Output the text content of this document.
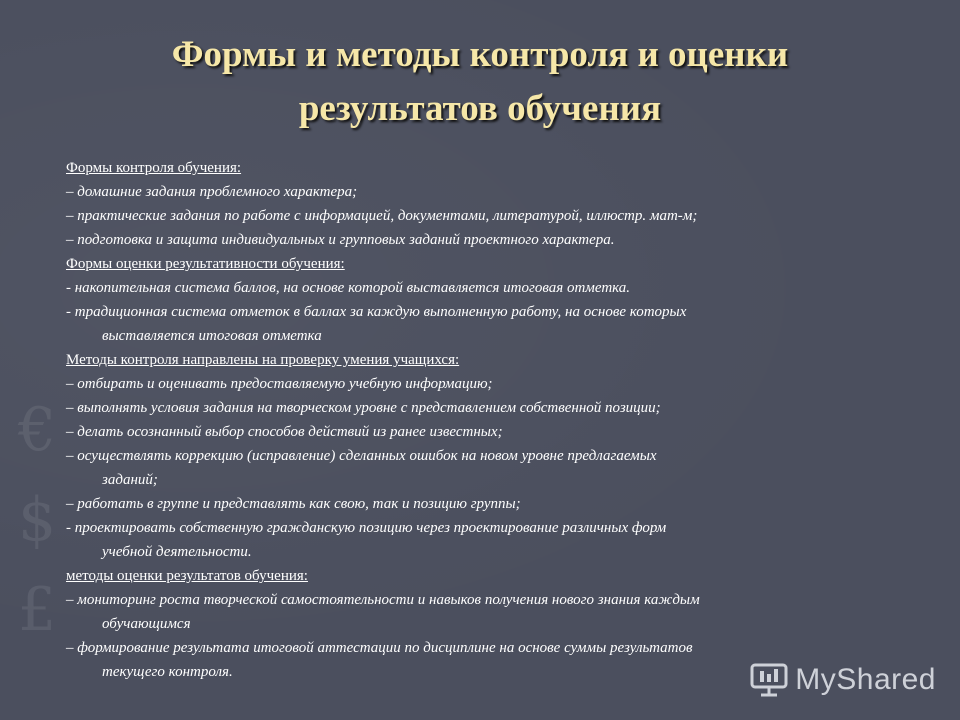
€
$
£
Формы и методы контроля и оценки
результатов обучения

Формы контроля обучения:

– домашние задания проблемного характера;

– практические задания по работе с информацией, документами, литературой, иллюстр. мат-м;

– подготовка и защита индивидуальных и групповых заданий проектного характера.

Формы оценки результативности обучения:

- накопительная система баллов, на основе которой выставляется итоговая отметка.

- традиционная система отметок в баллах за каждую выполненную работу, на основе которых

выставляется итоговая отметка

Методы контроля направлены на проверку умения учащихся:

– отбирать и оценивать предоставляемую учебную информацию;

– выполнять условия задания на творческом уровне с представлением собственной позиции;

– делать осознанный выбор способов действий из ранее известных;

– осуществлять коррекцию (исправление) сделанных ошибок на новом уровне предлагаемых

заданий;

– работать в группе и представлять как свою, так и позицию группы;

- проектировать собственную гражданскую позицию через проектирование различных форм

учебной деятельности.

методы оценки результатов обучения:

– мониторинг роста творческой самостоятельности и навыков получения нового знания каждым

обучающимся

– формирование результата итоговой аттестации по дисциплине на основе суммы результатов

текущего контроля.	MyShared
